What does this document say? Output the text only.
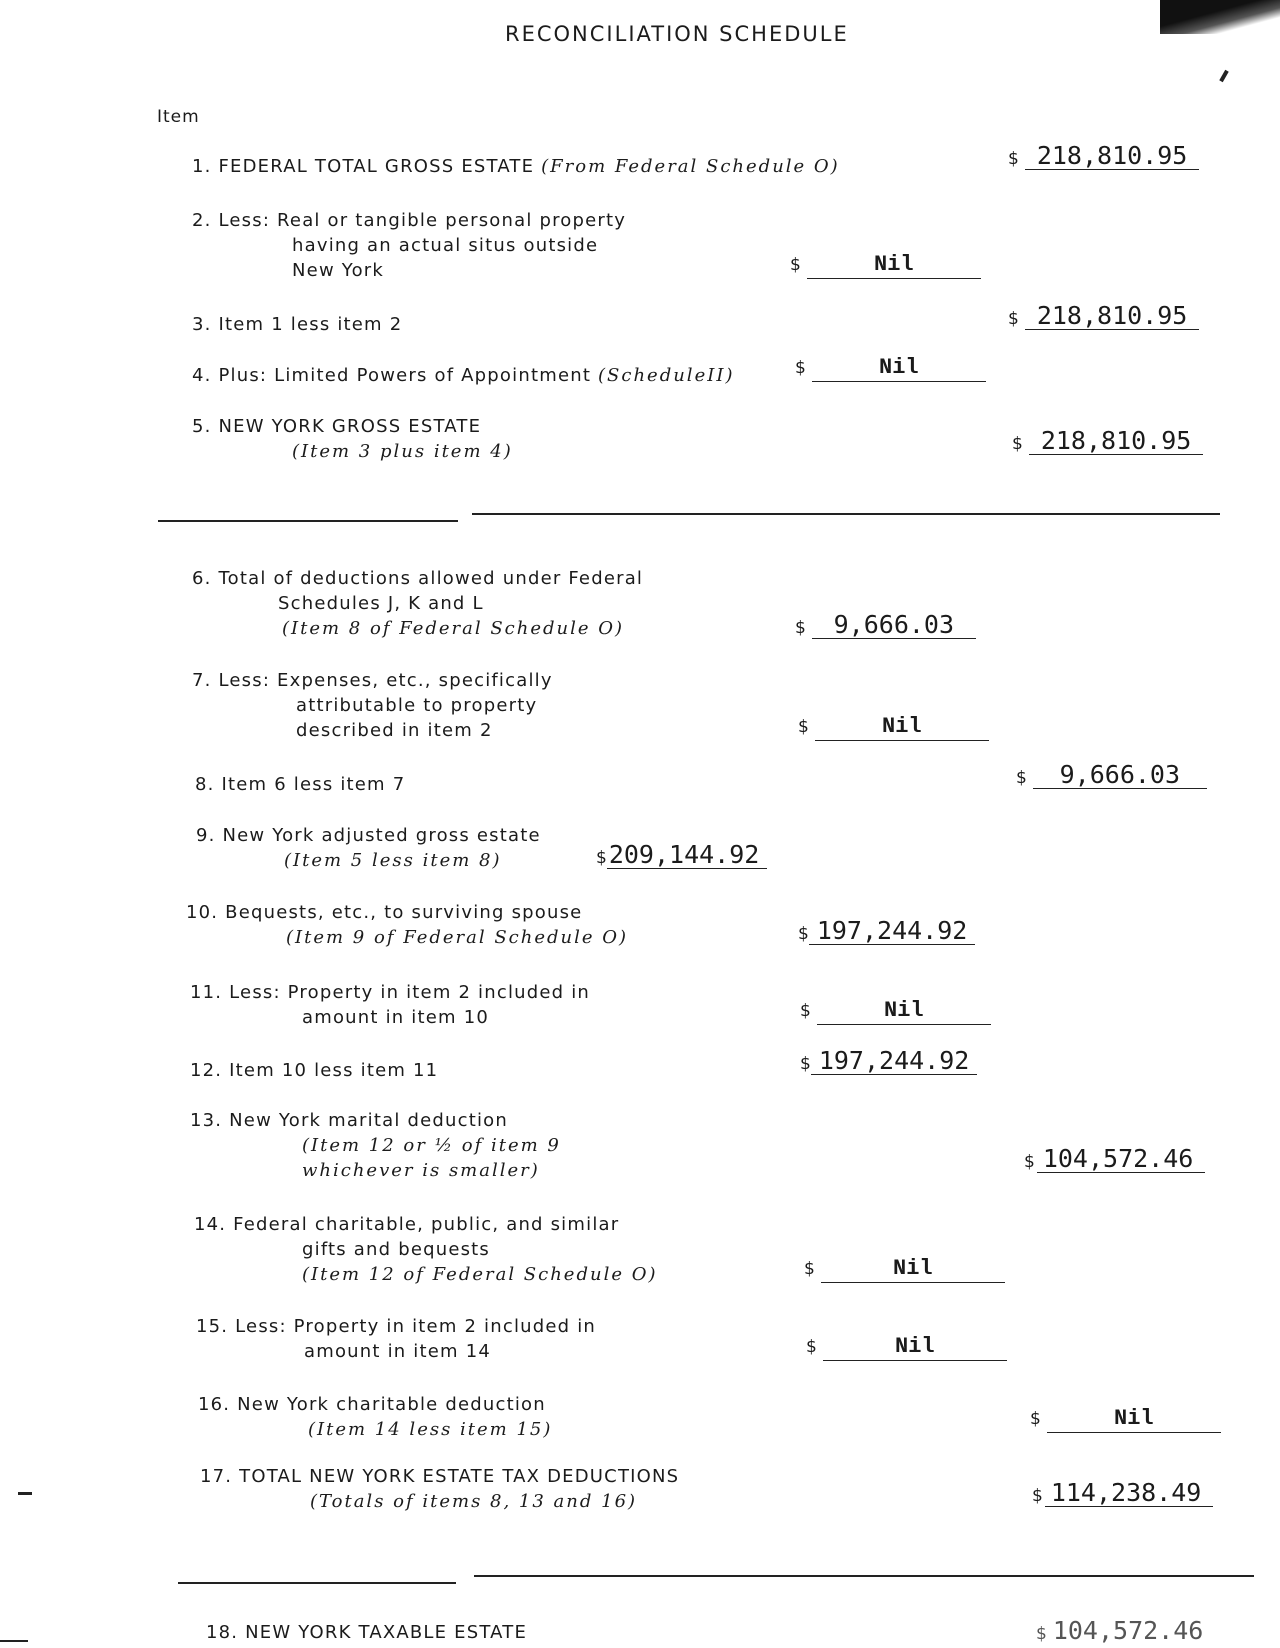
RECONCILIATION SCHEDULE
Item
1. FEDERAL TOTAL GROSS ESTATE (From Federal Schedule O)	$ 218,810.95
2. Less: Real or tangible personal property
having an actual situs outside
New York	$	Nil
3. Item 1 less item 2	$ 218,810.95
4. Plus: Limited Powers of Appointment (ScheduleII)	$	Nil
5. NEW YORK GROSS ESTATE
(Item 3 plus item 4)	$ 218,810.95
6. Total of deductions allowed under Federal
Schedules J, K and L
(Item 8 of Federal Schedule O)	$ 9,666.03
7. Less: Expenses, etc., specifically
attributable to property
described in item 2	$	Nil
8. Item 6 less item 7	$ 9,666.03
9. New York adjusted gross estate
(Item 5 less item 8)	$209,144.92
10. Bequests, etc., to surviving spouse
(Item 9 of Federal Schedule O)	$ 197,244.92
11. Less: Property in item 2 included in
amount in item 10	$	Nil
12. Item 10 less item 11	$ 197,244.92
13. New York marital deduction
(Item 12 or ½ of item 9
whichever is smaller)	$ 104,572.46
14. Federal charitable, public, and similar
gifts and bequests
(Item 12 of Federal Schedule O)	$	Nil
15. Less: Property in item 2 included in
amount in item 14	$	Nil
16. New York charitable deduction
(Item 14 less item 15)	$	Nil
17. TOTAL NEW YORK ESTATE TAX DEDUCTIONS
(Totals of items 8, 13 and 16)	$ 114,238.49
18. NEW YORK TAXABLE ESTATE	$ 104,572.46
